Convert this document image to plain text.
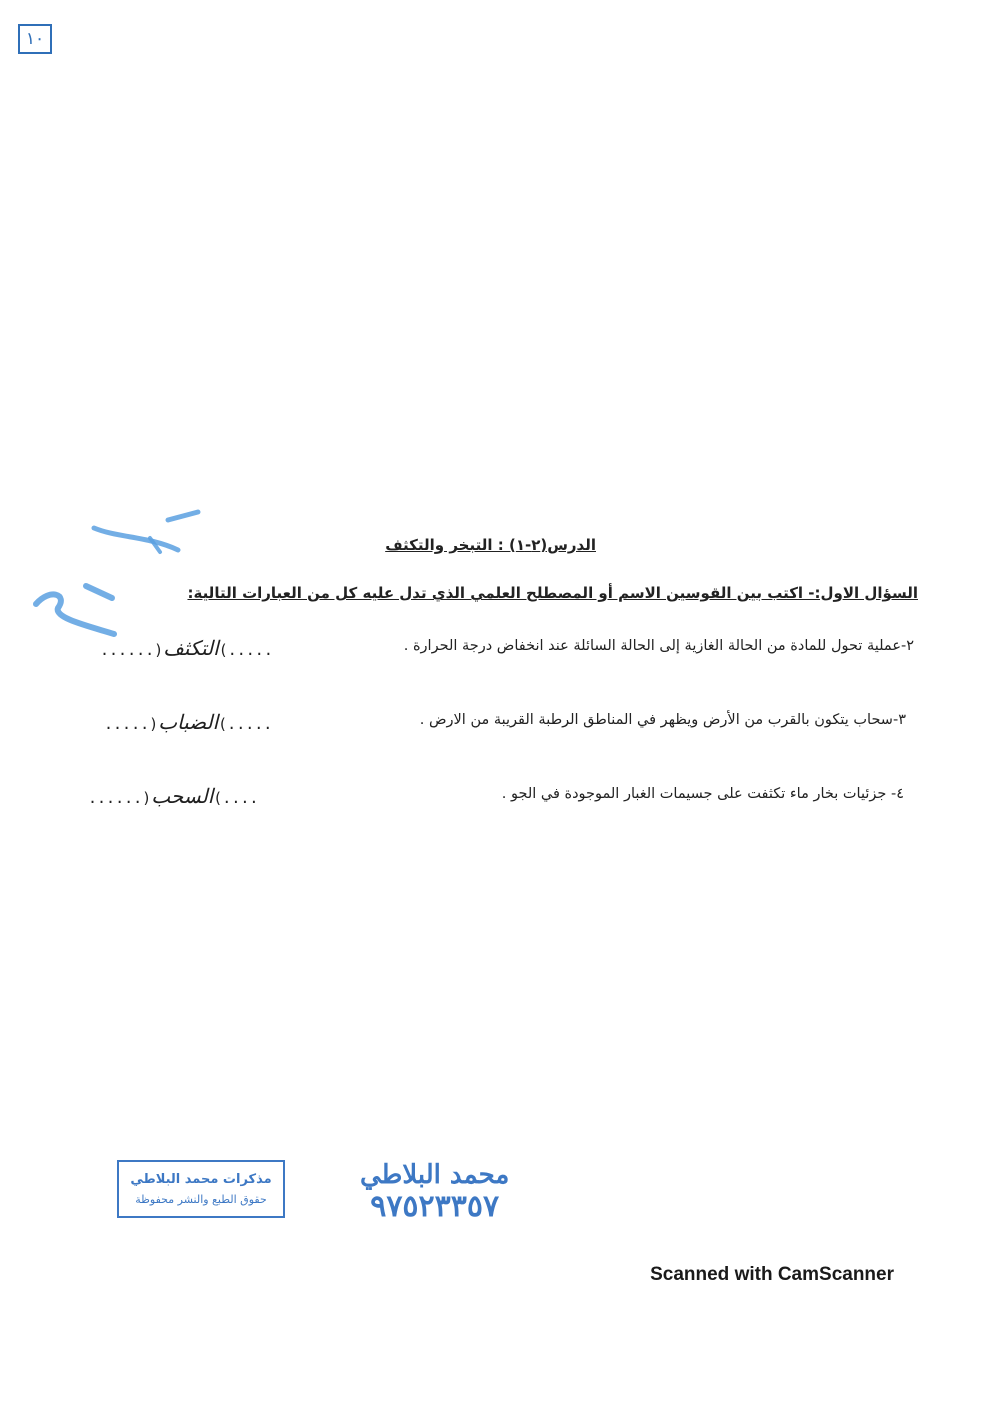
١٠
الدرس(٢-١) : التبخر والتكثف
السؤال الاول:- اكتب بين القوسين الاسم أو المصطلح العلمي الذي تدل عليه كل من العبارات التالية:
٢-عملية تحول للمادة من الحالة الغازية إلى الحالة السائلة عند انخفاض درجة الحرارة .
......)التكثف(.....
٣-سحاب يتكون بالقرب من الأرض ويظهر في المناطق الرطبة القريبة من الارض .
.....)الضباب(.....
٤- جزئيات بخار ماء تكثفت على جسيمات الغبار الموجودة في الجو .
......)السحب(....
مذكرات محمد البلاطي
حقوق الطبع والنشر محفوظة
محمد البلاطي
٩٧٥٢٣٣٥٧
Scanned with CamScanner
